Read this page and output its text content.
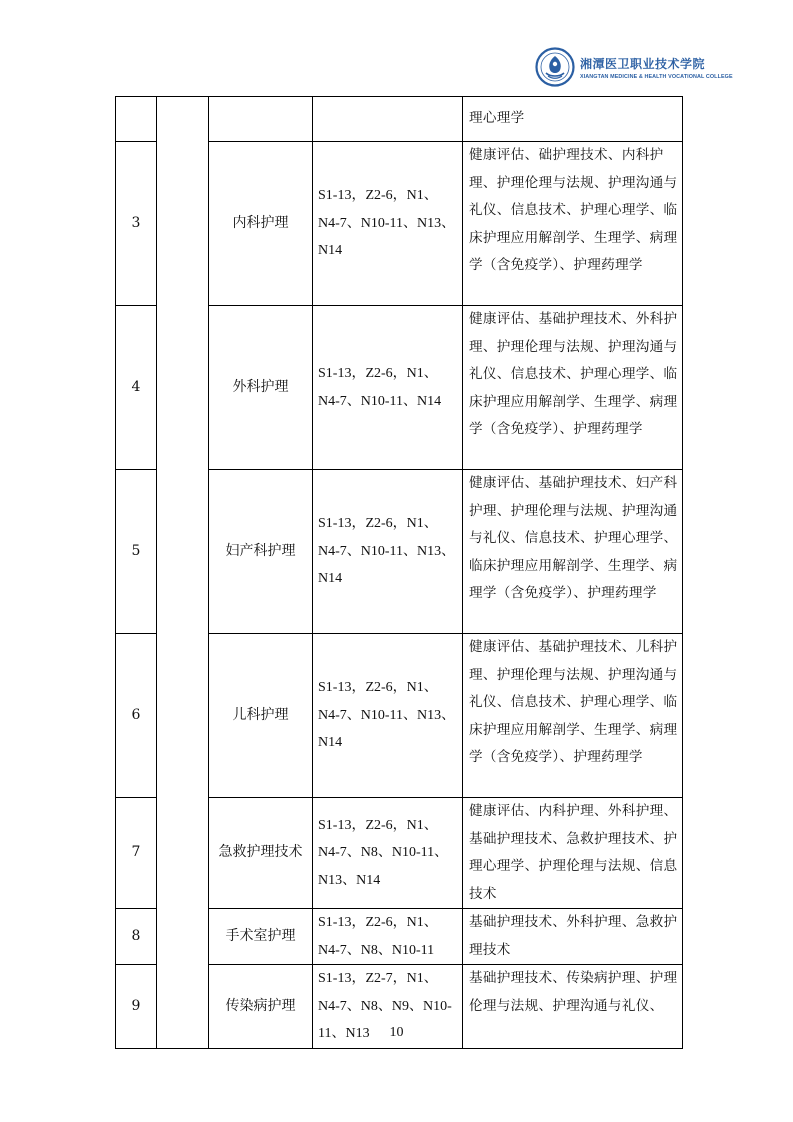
湘潭医卫职业技术学院
XIANGTAN MEDICINE & HEALTH VOCATIONAL COLLEGE
				理心理学
3		内科护理	S1-13，Z2-6，N1、N4-7、N10-11、N13、N14	健康评估、础护理技术、内科护理、护理伦理与法规、护理沟通与礼仪、信息技术、护理心理学、临床护理应用解剖学、生理学、病理学（含免疫学）、护理药理学
4		外科护理	S1-13，Z2-6，N1、N4-7、N10-11、N14	健康评估、基础护理技术、外科护理、护理伦理与法规、护理沟通与礼仪、信息技术、护理心理学、临床护理应用解剖学、生理学、病理学（含免疫学）、护理药理学
5		妇产科护理	S1-13，Z2-6，N1、N4-7、N10-11、N13、N14	健康评估、基础护理技术、妇产科护理、护理伦理与法规、护理沟通与礼仪、信息技术、护理心理学、临床护理应用解剖学、生理学、病理学（含免疫学）、护理药理学
6		儿科护理	S1-13，Z2-6，N1、N4-7、N10-11、N13、N14	健康评估、基础护理技术、儿科护理、护理伦理与法规、护理沟通与礼仪、信息技术、护理心理学、临床护理应用解剖学、生理学、病理学（含免疫学）、护理药理学
7		急救护理技术	S1-13，Z2-6，N1、N4-7、N8、N10-11、N13、N14	健康评估、内科护理、外科护理、基础护理技术、急救护理技术、护理心理学、护理伦理与法规、信息技术
8		手术室护理	S1-13，Z2-6，N1、N4-7、N8、N10-11	基础护理技术、外科护理、急救护理技术
9		传染病护理	S1-13，Z2-7，N1、N4-7、N8、N9、N10-11、N13	基础护理技术、传染病护理、护理伦理与法规、护理沟通与礼仪、
10
